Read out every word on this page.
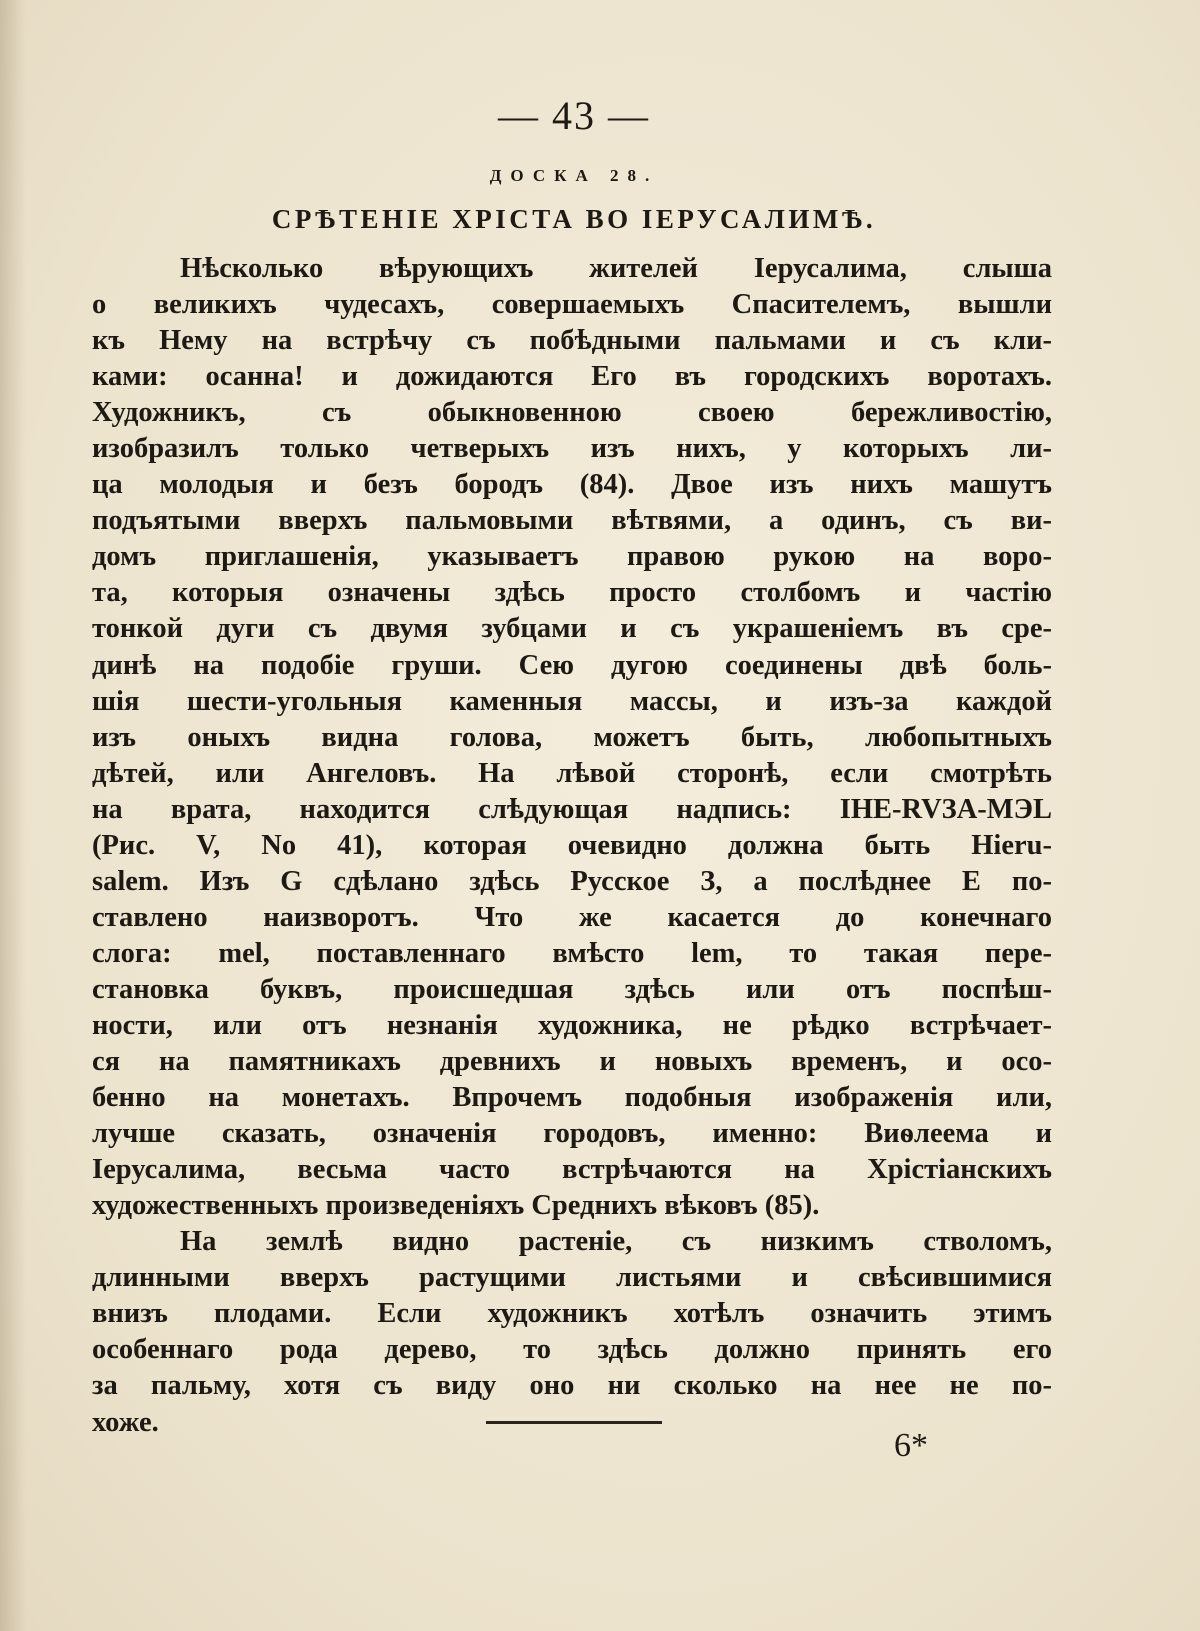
— 43 —
ДОСКА 28.
СРѢТЕНІЕ ХРІСТА ВО ІЕРУСАЛИМѢ.
Нѣсколько вѣрующихъ жителей Іерусалима, слыша
о великихъ чудесахъ, совершаемыхъ Спасителемъ, вышли
къ Нему на встрѣчу съ побѣдными пальмами и съ кли-
ками: осанна! и дожидаются Его въ городскихъ воротахъ.
Художникъ, съ обыкновенною своею бережливостію,
изобразилъ только четверыхъ изъ нихъ, у которыхъ ли-
ца молодыя и безъ бородъ (84). Двое изъ нихъ машутъ
подъятыми вверхъ пальмовыми вѣтвями, а одинъ, съ ви-
домъ приглашенія, указываетъ правою рукою на воро-
та, которыя означены здѣсь просто столбомъ и частію
тонкой дуги съ двумя зубцами и съ украшеніемъ въ сре-
динѣ на подобіе груши. Сею дугою соединены двѣ боль-
шія шести-угольныя каменныя массы, и изъ-за каждой
изъ оныхъ видна голова, можетъ быть, любопытныхъ
дѣтей, или Ангеловъ. На лѣвой сторонѣ, если смотрѣть
на врата, находится слѣдующая надпись: IHE-RVЗА-МЭL
(Рис. V, No 41), которая очевидно должна быть Hieru-
salem. Изъ G сдѣлано здѣсь Русское З, а послѣднее E по-
ставлено наизворотъ. Что же касается до конечнаго
слога: mel, поставленнаго вмѣсто lem, то такая пере-
становка буквъ, происшедшая здѣсь или отъ поспѣш-
ности, или отъ незнанія художника, не рѣдко встрѣчает-
ся на памятникахъ древнихъ и новыхъ временъ, и осо-
бенно на монетахъ. Впрочемъ подобныя изображенія или,
лучше сказать, означенія городовъ, именно: Виѳлеема и
Іерусалима, весьма часто встрѣчаются на Хрістіанскихъ
художественныхъ произведеніяхъ Среднихъ вѣковъ (85).
На землѣ видно растеніе, съ низкимъ стволомъ,
длинными вверхъ растущими листьями и свѣсившимися
внизъ плодами. Если художникъ хотѣлъ означить этимъ
особеннаго рода дерево, то здѣсь должно принять его
за пальму, хотя съ виду оно ни сколько на нее не по-
хоже.
6*
